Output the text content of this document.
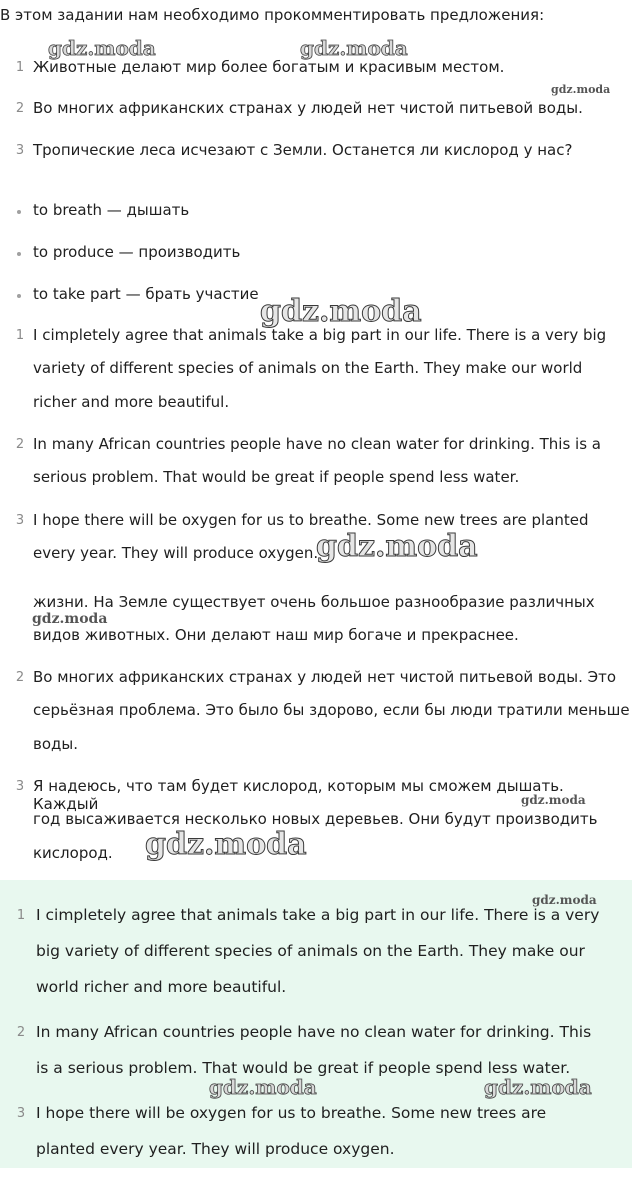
В этом задании нам необходимо прокомментировать предложения:
1 Животные делают мир более богатым и красивым местом.
2 Во многих африканских странах у людей нет чистой питьевой воды.
3 Тропические леса исчезают с Земли. Останется ли кислород у нас?
to breath — дышать
to produce — производить
to take part — брать участие
1 I cimpletely agree that animals take a big part in our life. There is a very big
variety of different species of animals on the Earth. They make our world
richer and more beautiful.
2 In many African countries people have no clean water for drinking. This is a
serious problem. That would be great if people spend less water.
3 I hope there will be oxygen for us to breathe. Some new trees are planted
every year. They will produce oxygen.
жизни. На Земле существует очень большое разнообразие различных
видов животных. Они делают наш мир богаче и прекраснее.
2 Во многих африканских странах у людей нет чистой питьевой воды. Это
серьёзная проблема. Это было бы здорово, если бы люди тратили меньше
воды.
3 Я надеюсь, что там будет кислород, которым мы сможем дышать. Каждый
год высаживается несколько новых деревьев. Они будут производить
кислород.
1 I cimpletely agree that animals take a big part in our life. There is a very
big variety of different species of animals on the Earth. They make our
world richer and more beautiful.
2 In many African countries people have no clean water for drinking. This
is a serious problem. That would be great if people spend less water.
3 I hope there will be oxygen for us to breathe. Some new trees are
planted every year. They will produce oxygen.
gdz.moda	gdz.moda
gdz.moda
gdz.moda
gdz.moda
gdz.moda
gdz.moda
gdz.moda
gdz.moda
gdz.moda	gdz.moda
